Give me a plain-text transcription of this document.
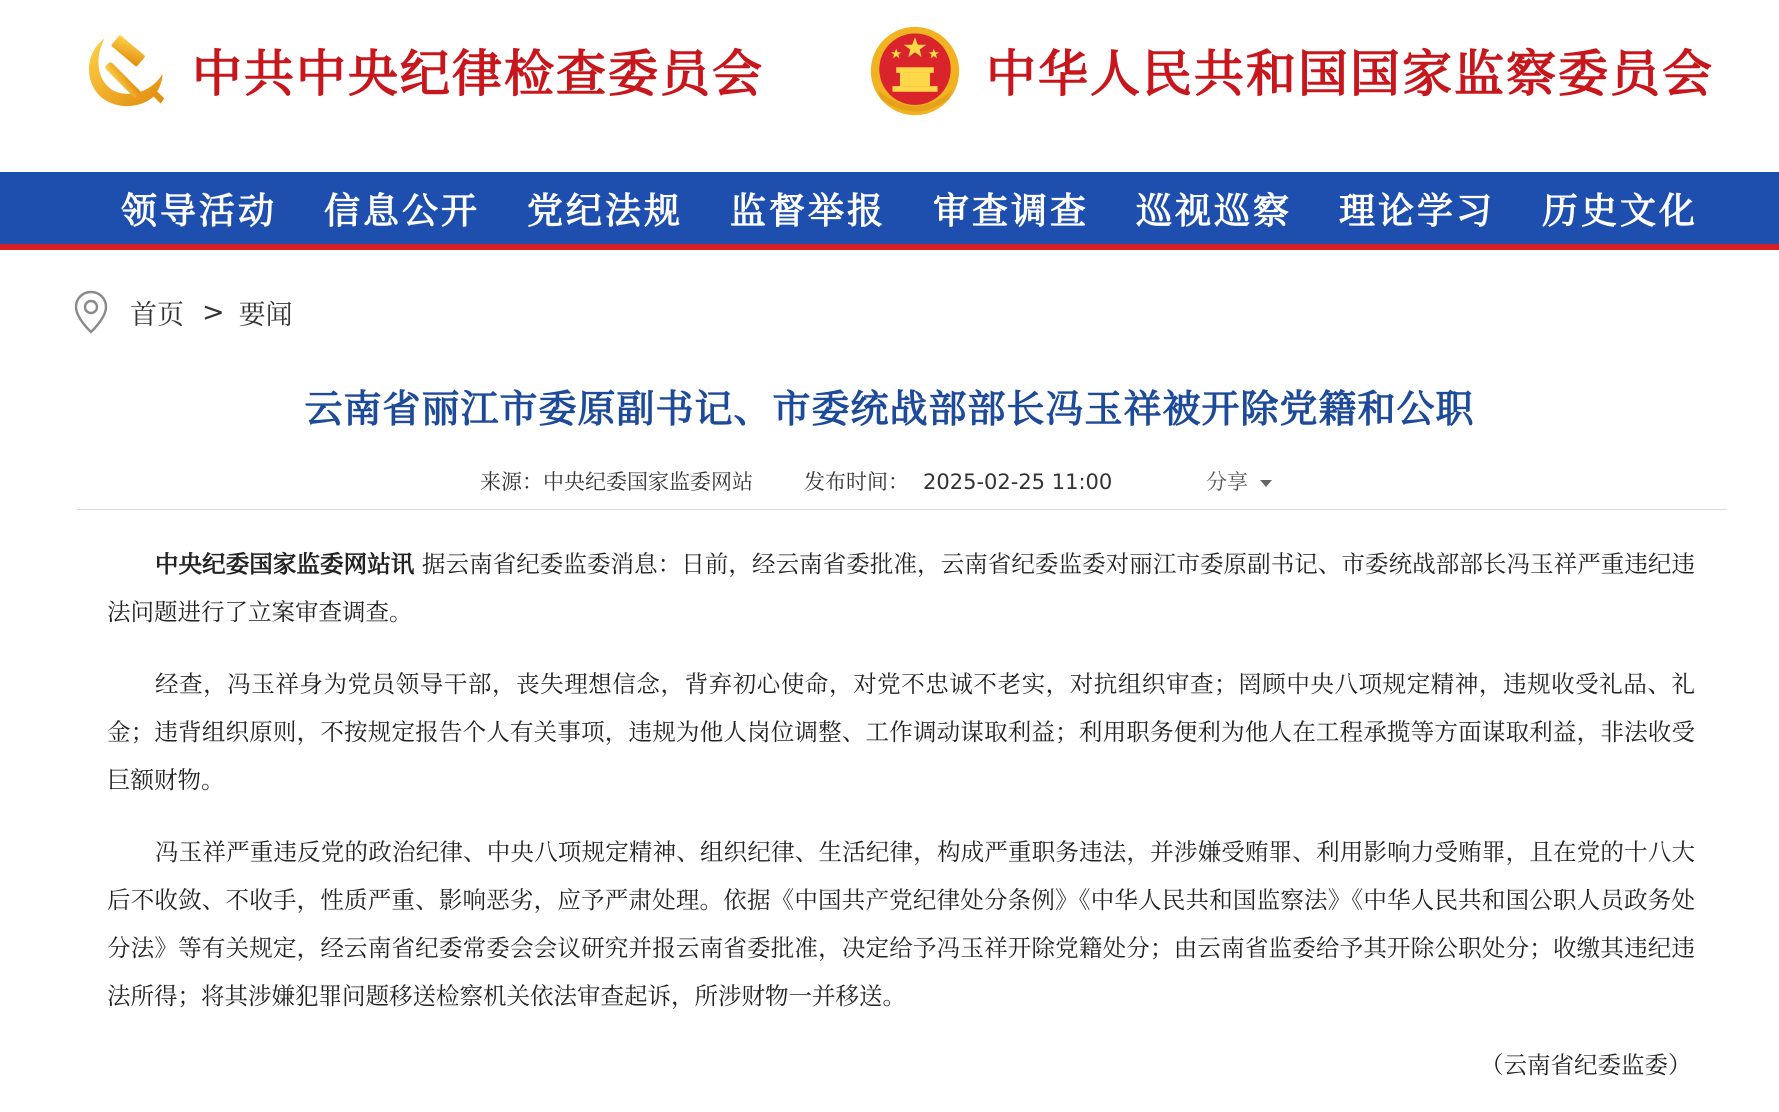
中共中央纪律检查委员会	中华人民共和国国家监察委员会
领导活动	信息公开	党纪法规	监督举报	审查调查	巡视巡察	理论学习	历史文化
首页 > 要闻
云南省丽江市委原副书记、市委统战部部长冯玉祥被开除党籍和公职
来源：中央纪委国家监委网站 发布时间： 2025-02-25 11:00	分享

中央纪委国家监委网站讯 据云南省纪委监委消息：日前，经云南省委批准，云南省纪委监委对丽江市委原副书记、市委统战部部长冯玉祥严重违纪违法问题进行了立案审查调查。

经查，冯玉祥身为党员领导干部，丧失理想信念，背弃初心使命，对党不忠诚不老实，对抗组织审查；罔顾中央八项规定精神，违规收受礼品、礼金；违背组织原则，不按规定报告个人有关事项，违规为他人岗位调整、工作调动谋取利益；利用职务便利为他人在工程承揽等方面谋取利益，非法收受巨额财物。

冯玉祥严重违反党的政治纪律、中央八项规定精神、组织纪律、生活纪律，构成严重职务违法，并涉嫌受贿罪、利用影响力受贿罪，且在党的十八大后不收敛、不收手，性质严重、影响恶劣，应予严肃处理。依据《中国共产党纪律处分条例》《中华人民共和国监察法》《中华人民共和国公职人员政务处分法》等有关规定，经云南省纪委常委会会议研究并报云南省委批准，决定给予冯玉祥开除党籍处分；由云南省监委给予其开除公职处分；收缴其违纪违法所得；将其涉嫌犯罪问题移送检察机关依法审查起诉，所涉财物一并移送。

（云南省纪委监委）
